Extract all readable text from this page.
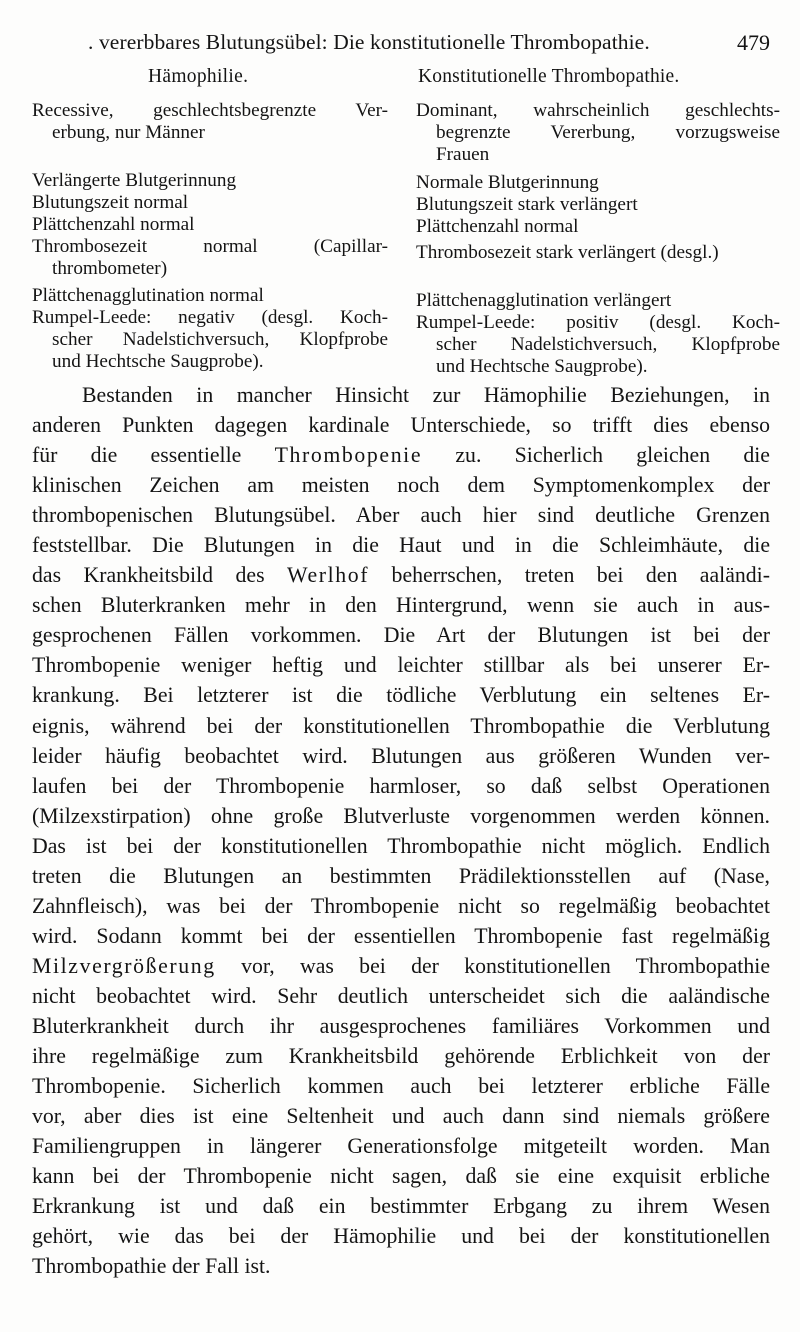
. vererbbares Blutungsübel: Die konstitutionelle Thrombopathie.	479
Hämophilie.
Recessive, geschlechtsbegrenzte Ver-
erbung, nur Männer
Verlängerte Blutgerinnung
Blutungszeit normal
Plättchenzahl normal
Thrombosezeit normal (Capillar-
thrombometer)
Plättchenagglutination normal
Rumpel-Leede: negativ (desgl. Koch-
scher Nadelstichversuch, Klopfprobe
und Hechtsche Saugprobe).
Konstitutionelle Thrombopathie.
Dominant, wahrscheinlich geschlechts-
begrenzte Vererbung, vorzugsweise
Frauen
Normale Blutgerinnung
Blutungszeit stark verlängert
Plättchenzahl normal
Thrombosezeit stark verlängert (desgl.)
Plättchenagglutination verlängert
Rumpel-Leede: positiv (desgl. Koch-
scher Nadelstichversuch, Klopfprobe
und Hechtsche Saugprobe).
Bestanden in mancher Hinsicht zur Hämophilie Beziehungen, in
anderen Punkten dagegen kardinale Unterschiede, so trifft dies ebenso
für die essentielle Thrombopenie zu. Sicherlich gleichen die
klinischen Zeichen am meisten noch dem Symptomenkomplex der
thrombopenischen Blutungsübel. Aber auch hier sind deutliche Grenzen
feststellbar. Die Blutungen in die Haut und in die Schleimhäute, die
das Krankheitsbild des Werlhof beherrschen, treten bei den aaländi-
schen Bluterkranken mehr in den Hintergrund, wenn sie auch in aus-
gesprochenen Fällen vorkommen. Die Art der Blutungen ist bei der
Thrombopenie weniger heftig und leichter stillbar als bei unserer Er-
krankung. Bei letzterer ist die tödliche Verblutung ein seltenes Er-
eignis, während bei der konstitutionellen Thrombopathie die Verblutung
leider häufig beobachtet wird. Blutungen aus größeren Wunden ver-
laufen bei der Thrombopenie harmloser, so daß selbst Operationen
(Milzexstirpation) ohne große Blutverluste vorgenommen werden können.
Das ist bei der konstitutionellen Thrombopathie nicht möglich. Endlich
treten die Blutungen an bestimmten Prädilektionsstellen auf (Nase,
Zahnfleisch), was bei der Thrombopenie nicht so regelmäßig beobachtet
wird. Sodann kommt bei der essentiellen Thrombopenie fast regelmäßig
Milzvergrößerung vor, was bei der konstitutionellen Thrombopathie
nicht beobachtet wird. Sehr deutlich unterscheidet sich die aaländische
Bluterkrankheit durch ihr ausgesprochenes familiäres Vorkommen und
ihre regelmäßige zum Krankheitsbild gehörende Erblichkeit von der
Thrombopenie. Sicherlich kommen auch bei letzterer erbliche Fälle
vor, aber dies ist eine Seltenheit und auch dann sind niemals größere
Familiengruppen in längerer Generationsfolge mitgeteilt worden. Man
kann bei der Thrombopenie nicht sagen, daß sie eine exquisit erbliche
Erkrankung ist und daß ein bestimmter Erbgang zu ihrem Wesen
gehört, wie das bei der Hämophilie und bei der konstitutionellen
Thrombopathie der Fall ist.
